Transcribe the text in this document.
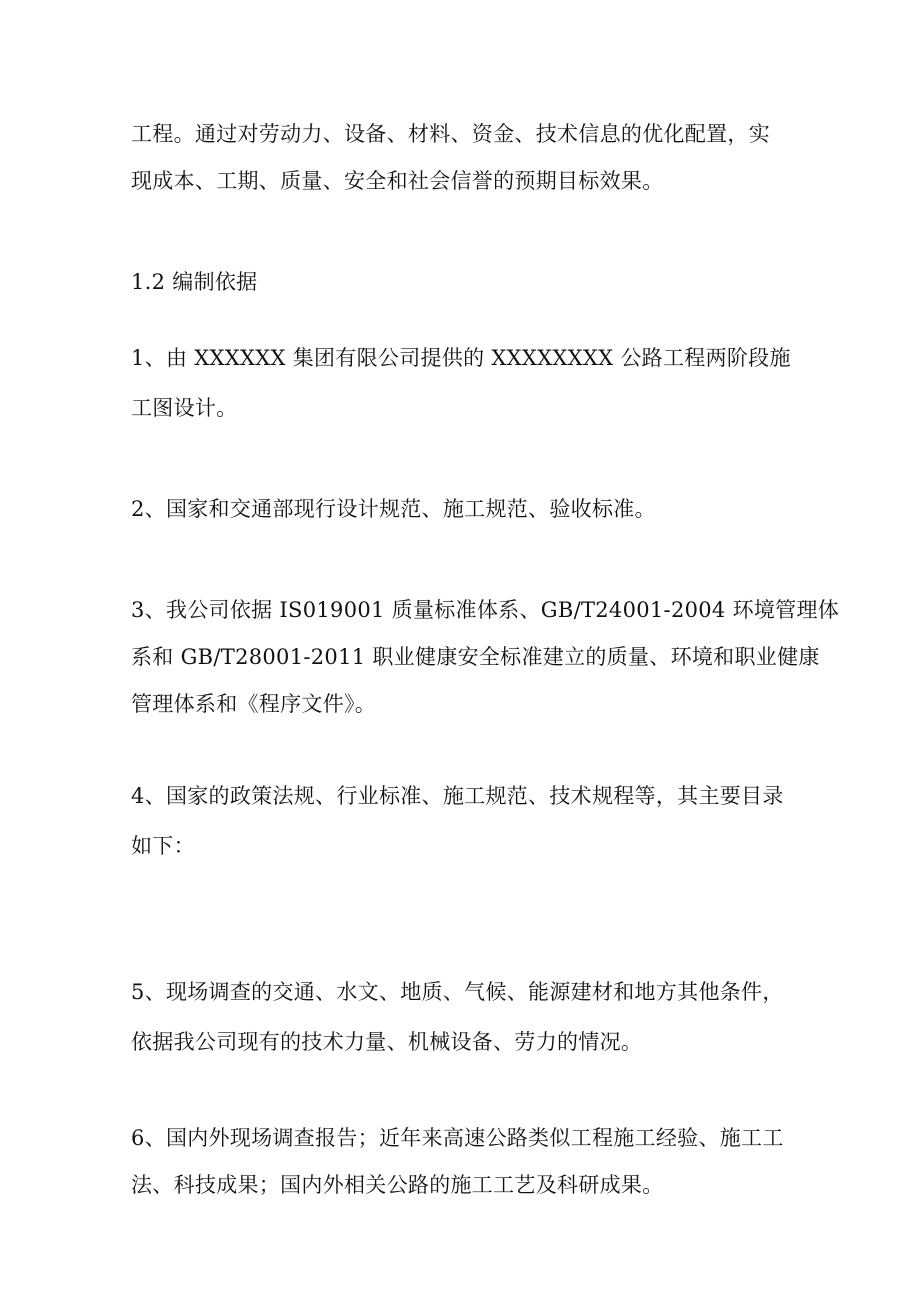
工程。通过对劳动力、设备、材料、资金、技术信息的优化配置，实
现成本、工期、质量、安全和社会信誉的预期目标效果。
1.2 编制依据
1、由 XXXXXX 集团有限公司提供的 XXXXXXXX 公路工程两阶段施
工图设计。
2、国家和交通部现行设计规范、施工规范、验收标准。
3、我公司依据 IS019001 质量标准体系、GB/T24001-2004 环境管理体
系和 GB/T28001-2011 职业健康安全标准建立的质量、环境和职业健康
管理体系和《程序文件》。
4、国家的政策法规、行业标准、施工规范、技术规程等，其主要目录
如下：
5、现场调查的交通、水文、地质、气候、能源建材和地方其他条件，
依据我公司现有的技术力量、机械设备、劳力的情况。
6、国内外现场调查报告；近年来高速公路类似工程施工经验、施工工
法、科技成果；国内外相关公路的施工工艺及科研成果。
